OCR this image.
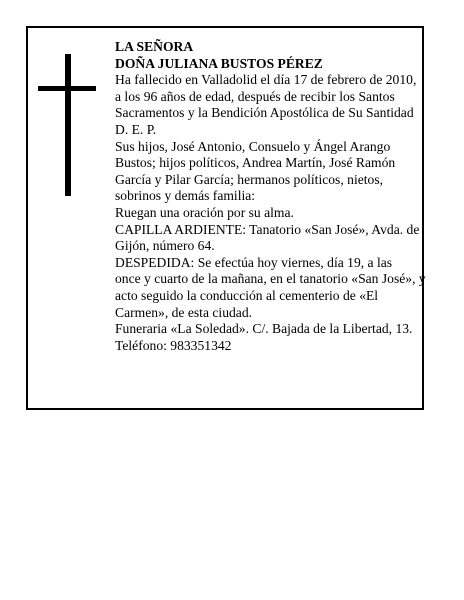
LA SEÑORA
DOÑA JULIANA BUSTOS PÉREZ
Ha fallecido en Valladolid el día 17 de febrero de 2010,
a los 96 años de edad, después de recibir los Santos
Sacramentos y la Bendición Apostólica de Su Santidad
D. E. P.
Sus hijos, José Antonio, Consuelo y Ángel Arango
Bustos; hijos políticos, Andrea Martín, José Ramón
García y Pilar García; hermanos políticos, nietos,
sobrinos y demás familia:
Ruegan una oración por su alma.
CAPILLA ARDIENTE: Tanatorio «San José», Avda. de
Gijón, número 64.
DESPEDIDA: Se efectúa hoy viernes, día 19, a las
once y cuarto de la mañana, en el tanatorio «San José», y
acto seguido la conducción al cementerio de «El
Carmen», de esta ciudad.
Funeraria «La Soledad». C/. Bajada de la Libertad, 13.
Teléfono: 983351342
